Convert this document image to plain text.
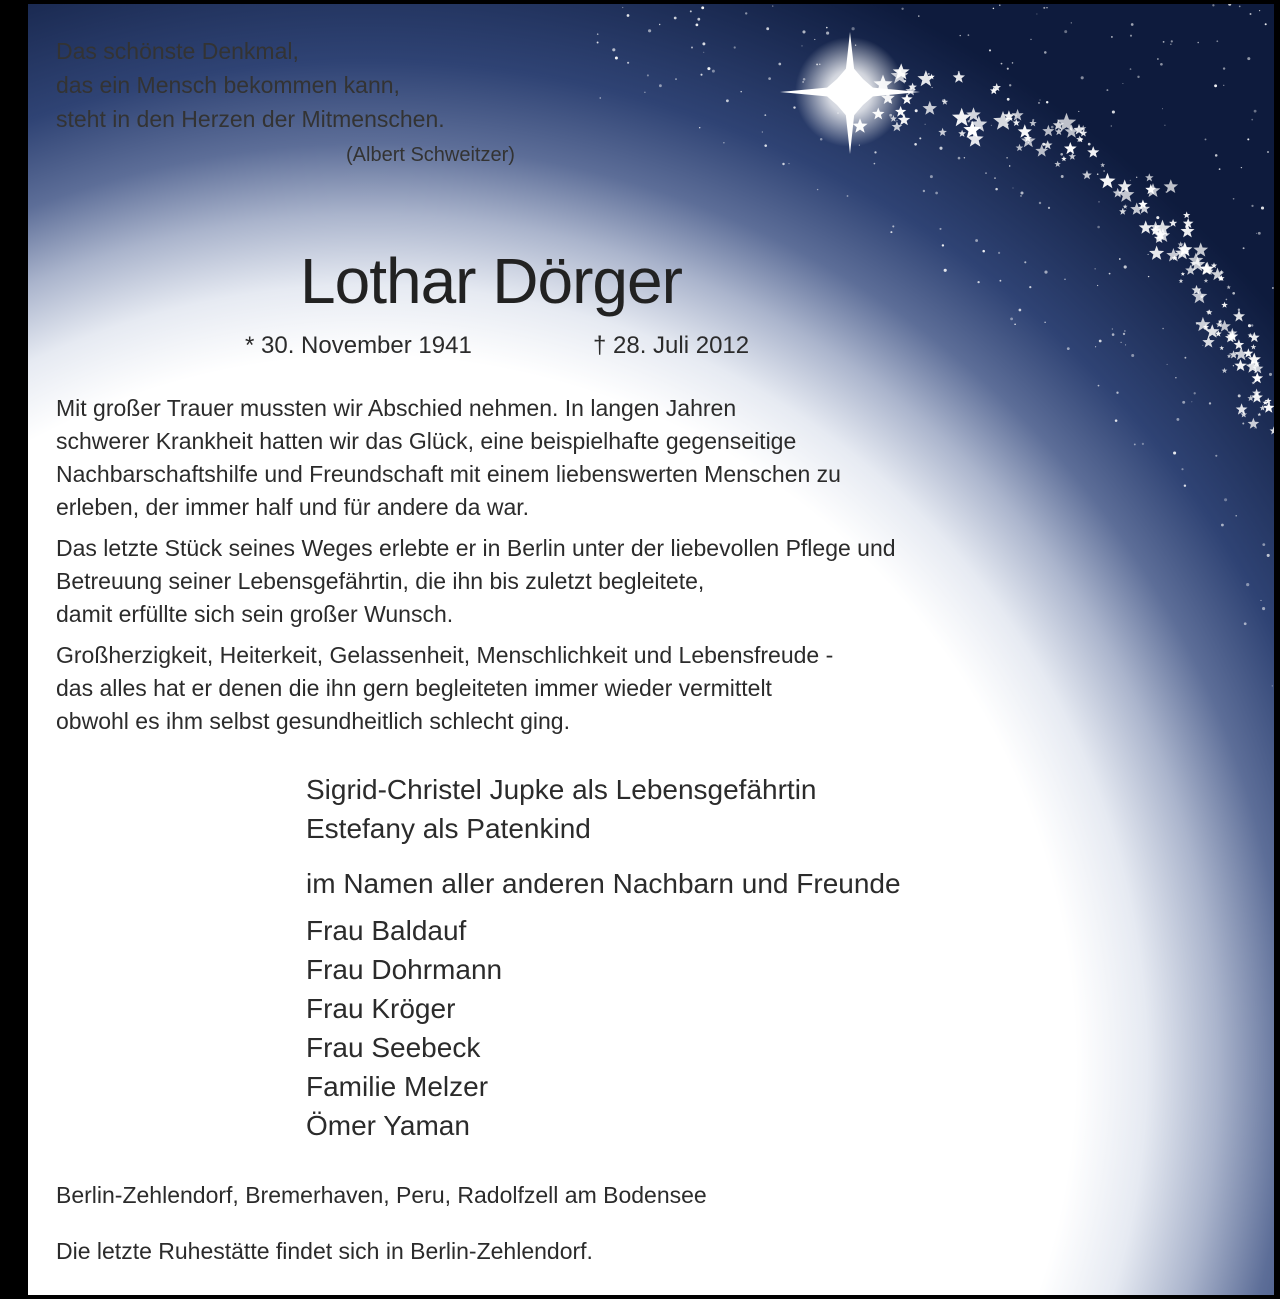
Das schönste Denkmal,
das ein Mensch bekommen kann,
steht in den Herzen der Mitmenschen.
(Albert Schweitzer)
Lothar Dörger
* 30. November 1941	† 28. Juli 2012

Mit großer Trauer mussten wir Abschied nehmen. In langen Jahren
schwerer Krankheit hatten wir das Glück, eine beispielhafte gegenseitige
Nachbarschaftshilfe und Freundschaft mit einem liebenswerten Menschen zu
erleben, der immer half und für andere da war.

Das letzte Stück seines Weges erlebte er in Berlin unter der liebevollen Pflege und
Betreuung seiner Lebensgefährtin, die ihn bis zuletzt begleitete,
damit erfüllte sich sein großer Wunsch.

Großherzigkeit, Heiterkeit, Gelassenheit, Menschlichkeit und Lebensfreude -
das alles hat er denen die ihn gern begleiteten immer wieder vermittelt
obwohl es ihm selbst gesundheitlich schlecht ging.

Sigrid-Christel Jupke als Lebensgefährtin
Estefany als Patenkind
im Namen aller anderen Nachbarn und Freunde
Frau Baldauf
Frau Dohrmann
Frau Kröger
Frau Seebeck
Familie Melzer
Ömer Yaman
Berlin-Zehlendorf, Bremerhaven, Peru, Radolfzell am Bodensee
Die letzte Ruhestätte findet sich in Berlin-Zehlendorf.
